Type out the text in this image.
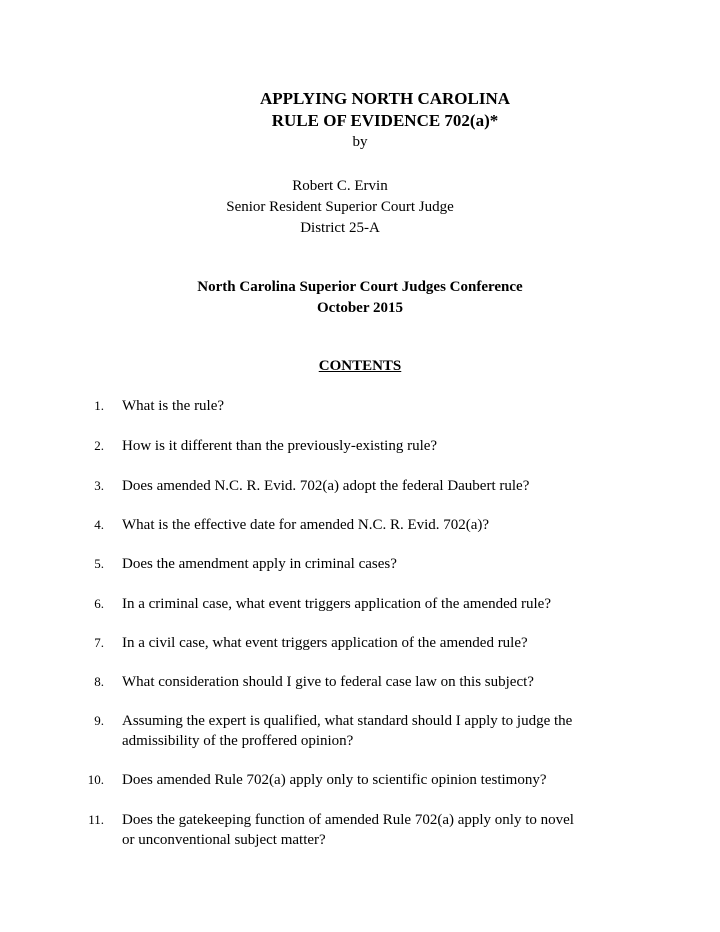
APPLYING NORTH CAROLINA
RULE OF EVIDENCE 702(a)*
by
Robert C. Ervin
Senior Resident Superior Court Judge
District 25-A
North Carolina Superior Court Judges Conference
October 2015
CONTENTS
1. What is the rule?
2. How is it different than the previously-existing rule?
3. Does amended N.C. R. Evid. 702(a) adopt the federal Daubert rule?
4. What is the effective date for amended N.C. R. Evid. 702(a)?
5. Does the amendment apply in criminal cases?
6. In a criminal case, what event triggers application of the amended rule?
7. In a civil case, what event triggers application of the amended rule?
8. What consideration should I give to federal case law on this subject?
9. Assuming the expert is qualified, what standard should I apply to judge the
admissibility of the proffered opinion?
10. Does amended Rule 702(a) apply only to scientific opinion testimony?
11. Does the gatekeeping function of amended Rule 702(a) apply only to novel
or unconventional subject matter?
